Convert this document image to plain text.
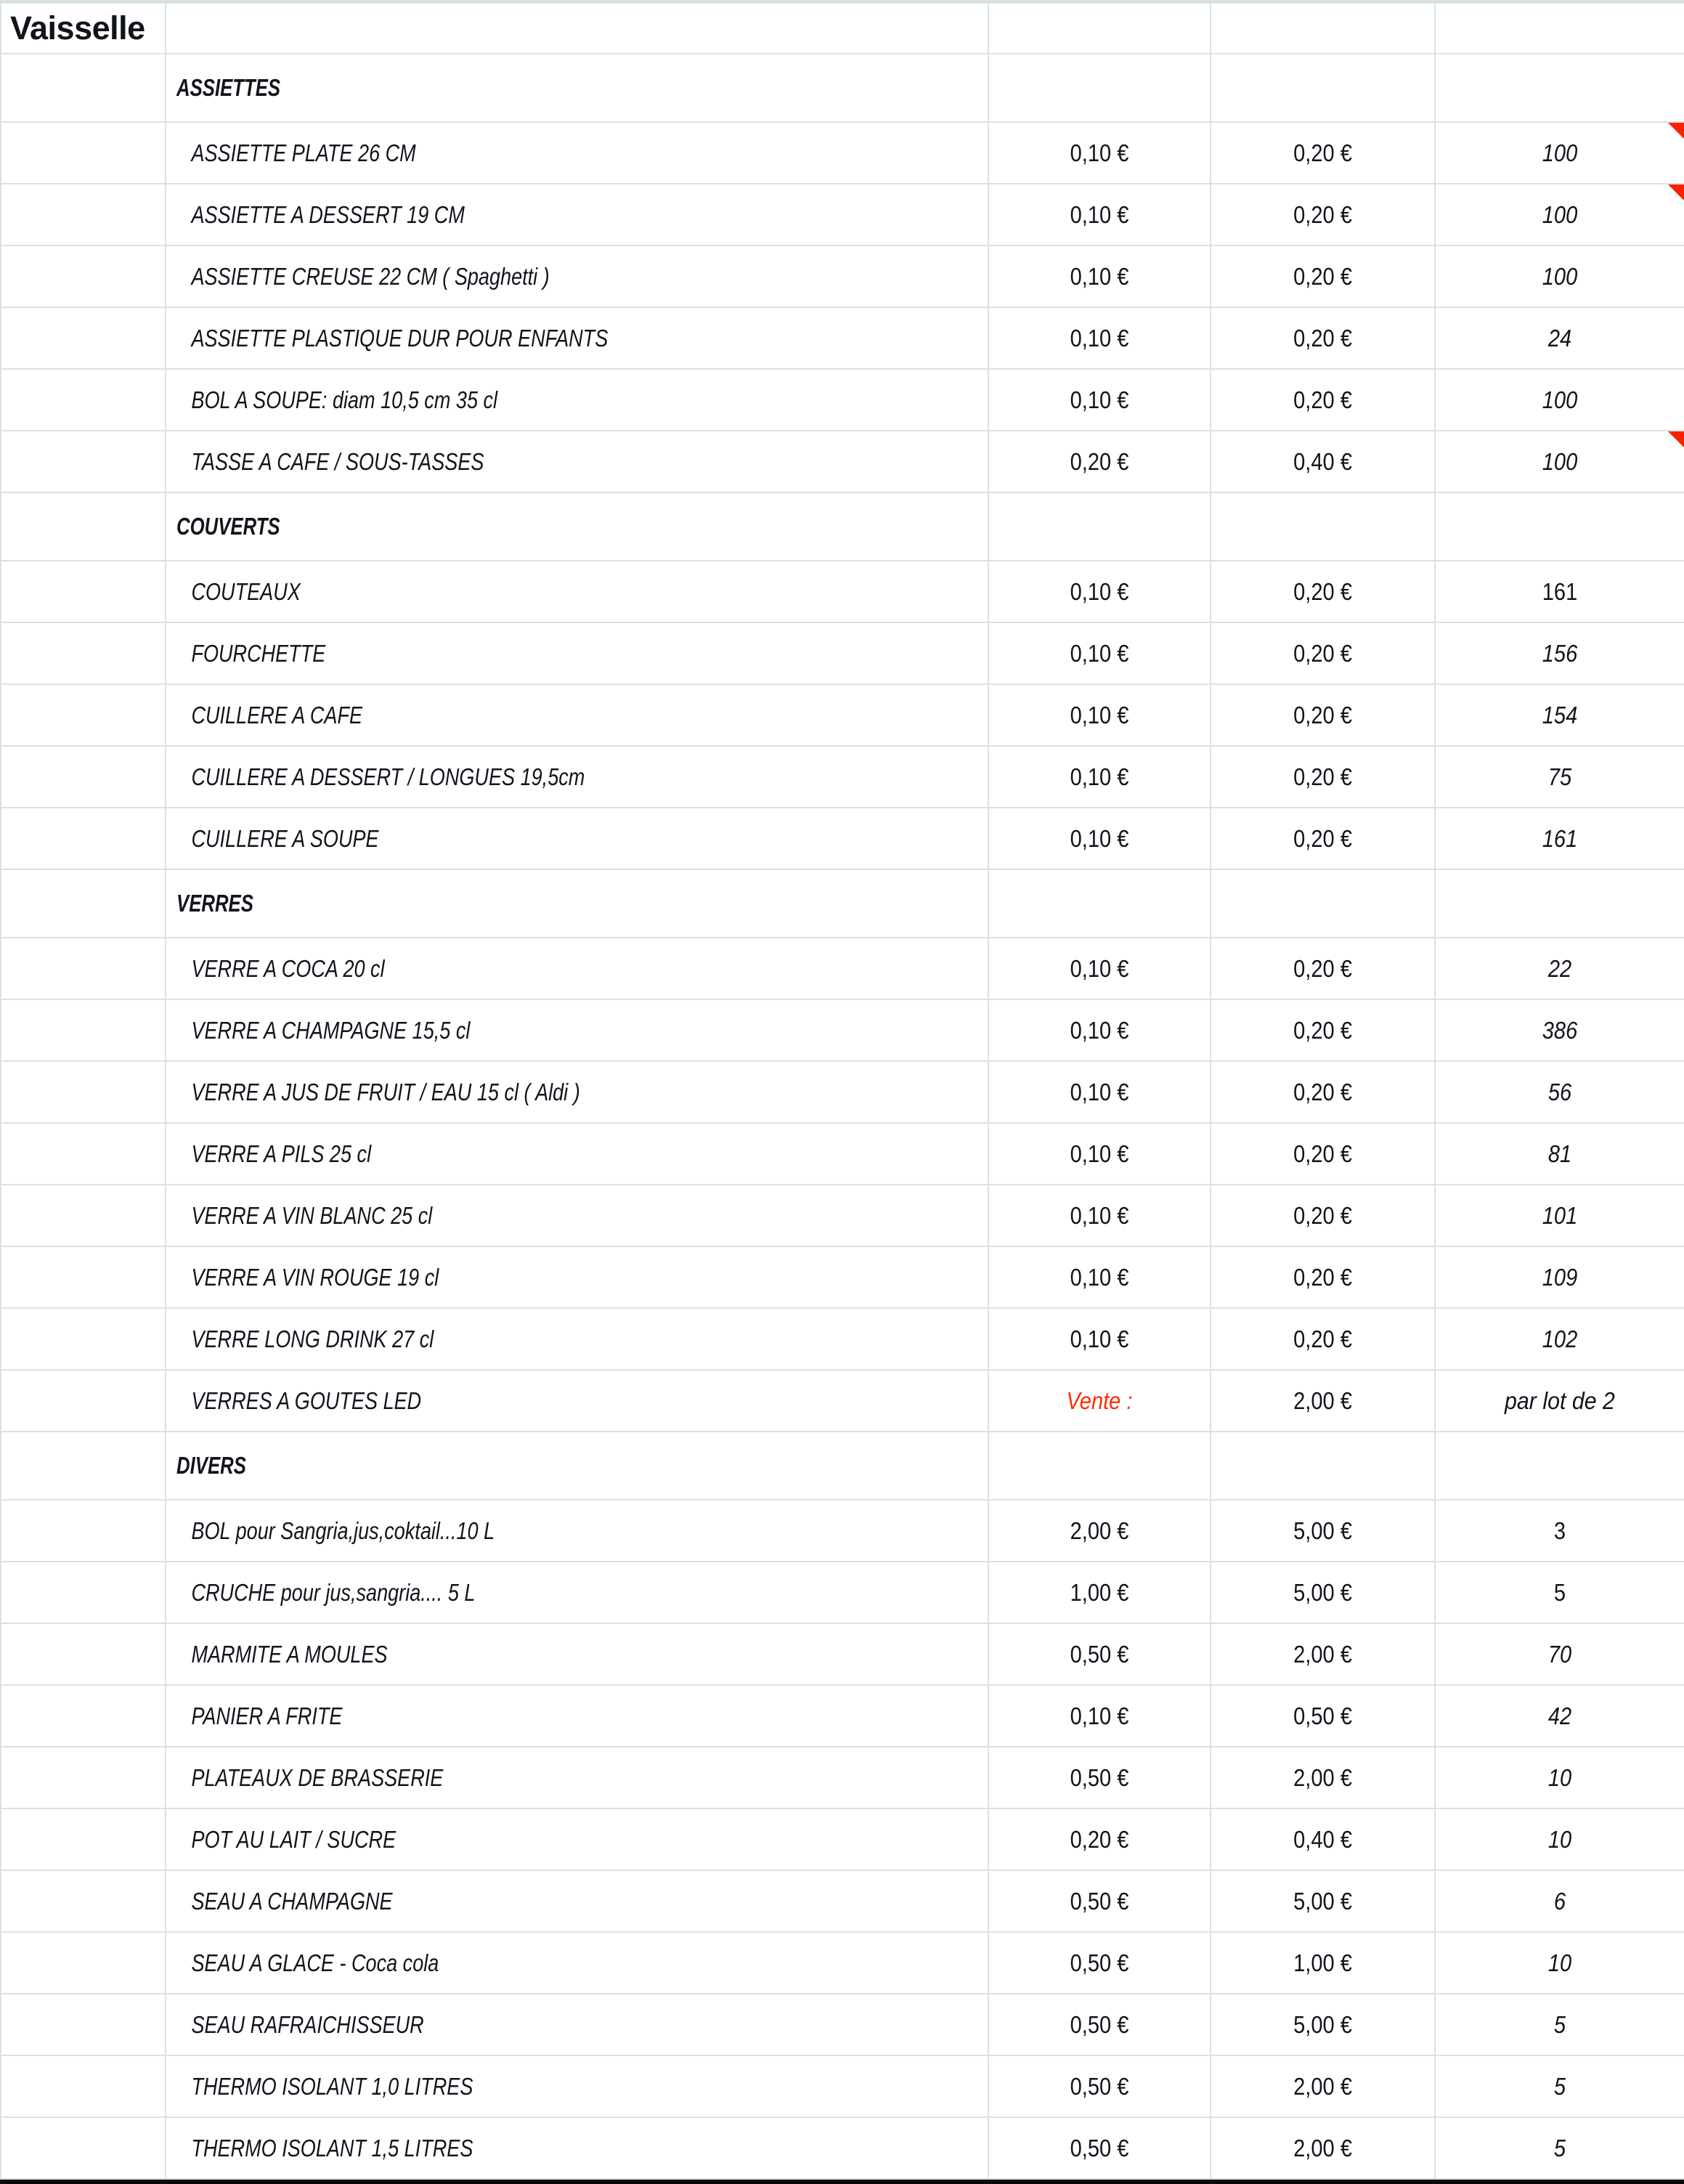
Vaisselle				

	ASSIETTES			

	ASSIETTE PLATE 26 CM	0,10 €	0,20 €	100

	ASSIETTE A DESSERT 19 CM	0,10 €	0,20 €	100

	ASSIETTE CREUSE 22 CM ( Spaghetti )	0,10 €	0,20 €	100

	ASSIETTE PLASTIQUE DUR POUR ENFANTS	0,10 €	0,20 €	24

	BOL A SOUPE: diam 10,5 cm 35 cl	0,10 €	0,20 €	100

	TASSE A CAFE / SOUS-TASSES	0,20 €	0,40 €	100

	COUVERTS			

	COUTEAUX	0,10 €	0,20 €	161

	FOURCHETTE	0,10 €	0,20 €	156

	CUILLERE A CAFE	0,10 €	0,20 €	154

	CUILLERE A DESSERT / LONGUES 19,5cm	0,10 €	0,20 €	75

	CUILLERE A SOUPE	0,10 €	0,20 €	161

	VERRES			

	VERRE A COCA 20 cl	0,10 €	0,20 €	22

	VERRE A CHAMPAGNE 15,5 cl	0,10 €	0,20 €	386

	VERRE A JUS DE FRUIT / EAU 15 cl ( Aldi )	0,10 €	0,20 €	56

	VERRE A PILS 25 cl	0,10 €	0,20 €	81

	VERRE A VIN BLANC 25 cl	0,10 €	0,20 €	101

	VERRE A VIN ROUGE 19 cl	0,10 €	0,20 €	109

	VERRE LONG DRINK 27 cl	0,10 €	0,20 €	102

	VERRES A GOUTES LED	Vente :	2,00 €	par lot de 2

	DIVERS			

	BOL pour Sangria,jus,coktail...10 L	2,00 €	5,00 €	3

	CRUCHE pour jus,sangria.... 5 L	1,00 €	5,00 €	5

	MARMITE A MOULES	0,50 €	2,00 €	70

	PANIER A FRITE	0,10 €	0,50 €	42

	PLATEAUX DE BRASSERIE	0,50 €	2,00 €	10

	POT AU LAIT / SUCRE	0,20 €	0,40 €	10

	SEAU A CHAMPAGNE	0,50 €	5,00 €	6

	SEAU A GLACE - Coca cola	0,50 €	1,00 €	10

	SEAU RAFRAICHISSEUR	0,50 €	5,00 €	5

	THERMO ISOLANT 1,0 LITRES	0,50 €	2,00 €	5

	THERMO ISOLANT 1,5 LITRES	0,50 €	2,00 €	5
